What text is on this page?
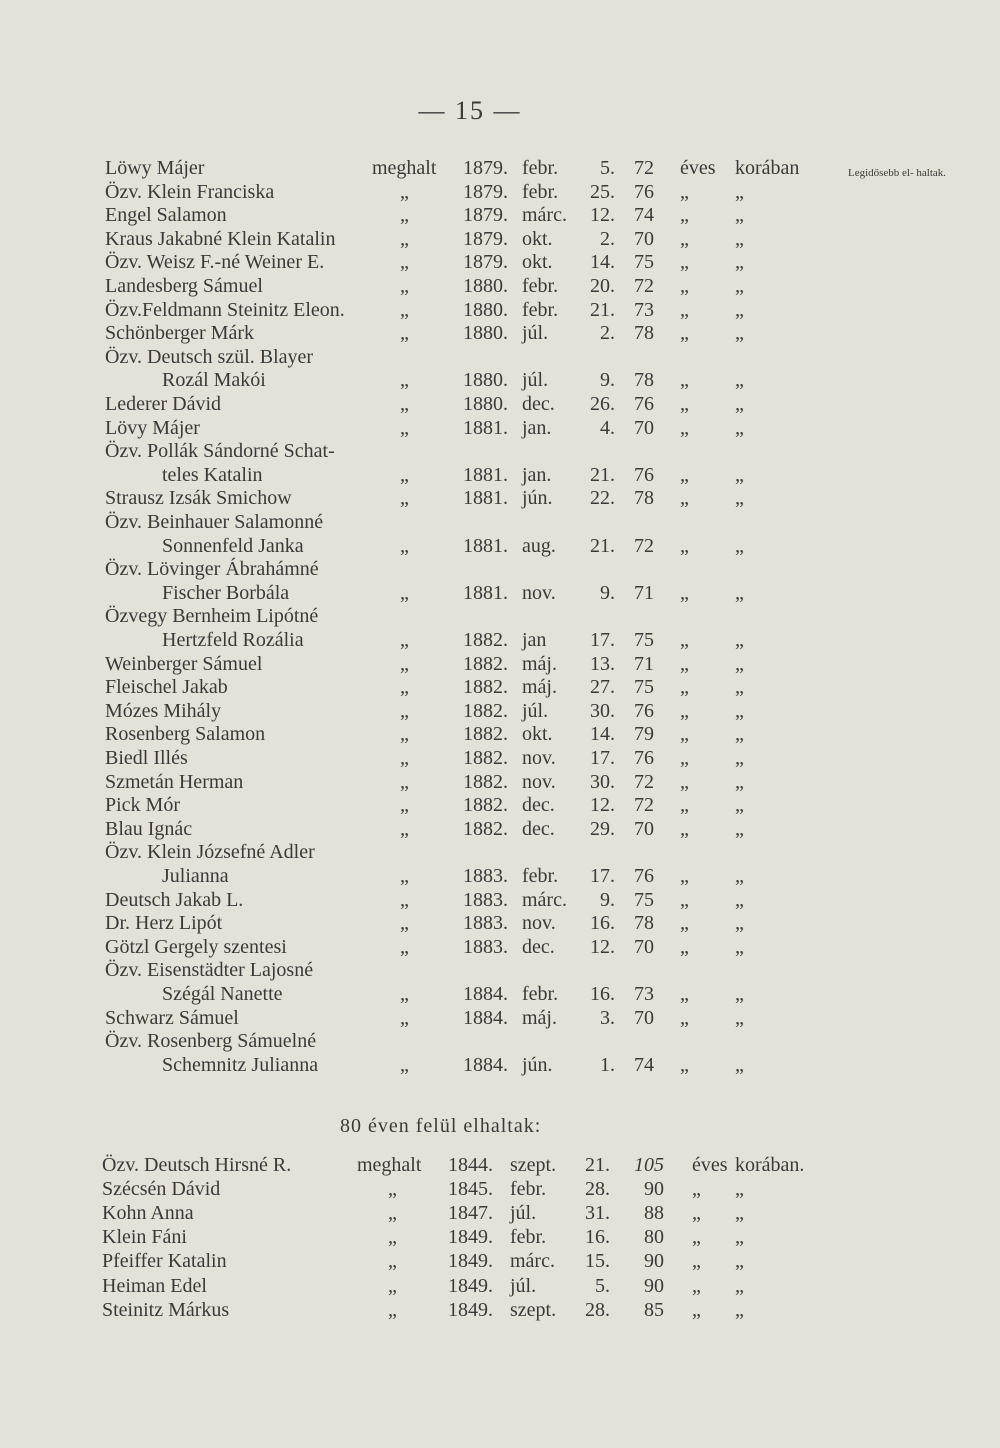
— 15 —
Legidősebb el- haltak.
80 éven felül elhaltak:
Löwy Májer	meghalt 1879. febr.	5. 72 éves korában
Özv. Klein Franciska	„	1879. febr.	25. 76 „ „
Engel Salamon	„	1879. márc.	12. 74 „ „
Kraus Jakabné Klein Katalin	„	1879. okt.	2. 70 „ „
Özv. Weisz F.-né Weiner E.	„	1879. okt.	14. 75 „ „
Landesberg Sámuel	„	1880. febr.	20. 72 „ „
Özv.Feldmann Steinitz Eleon.	„	1880. febr.	21. 73 „ „
Schönberger Márk	„	1880. júl.	2. 78 „ „
Özv. Deutsch szül. Blayer
Rozál Makói	„	1880. júl.	9. 78 „ „
Lederer Dávid	„	1880. dec.	26. 76 „ „
Lövy Májer	„	1881. jan.	4. 70 „ „
Özv. Pollák Sándorné Schat-
teles Katalin	„	1881. jan.	21. 76 „ „
Strausz Izsák Smichow	„	1881. jún.	22. 78 „ „
Özv. Beinhauer Salamonné
Sonnenfeld Janka	„	1881. aug.	21. 72 „ „
Özv. Lövinger Ábrahámné
Fischer Borbála	„	1881. nov.	9. 71 „ „
Özvegy Bernheim Lipótné
Hertzfeld Rozália	„	1882. jan	17. 75 „ „
Weinberger Sámuel	„	1882. máj.	13. 71 „ „
Fleischel Jakab	„	1882. máj.	27. 75 „ „
Mózes Mihály	„	1882. júl.	30. 76 „ „
Rosenberg Salamon	„	1882. okt.	14. 79 „ „
Biedl Illés	„	1882. nov.	17. 76 „ „
Szmetán Herman	„	1882. nov.	30. 72 „ „
Pick Mór	„	1882. dec.	12. 72 „ „
Blau Ignác	„	1882. dec.	29. 70 „ „
Özv. Klein Józsefné Adler
Julianna	„	1883. febr.	17. 76 „ „
Deutsch Jakab L.	„	1883. márc.	9. 75 „ „
Dr. Herz Lipót	„	1883. nov.	16. 78 „ „
Götzl Gergely szentesi	„	1883. dec.	12. 70 „ „
Özv. Eisenstädter Lajosné
Szégál Nanette	„	1884. febr.	16. 73 „ „
Schwarz Sámuel	„	1884. máj.	3. 70 „ „
Özv. Rosenberg Sámuelné
Schemnitz Julianna	„	1884. jún.	1. 74 „ „
Özv. Deutsch Hirsné R.	meghalt 1844. szept.	21.	105 éves korában.
Szécsén Dávid	„	1845. febr.	28.	90 „ „
Kohn Anna	„	1847. júl.	31.	88 „ „
Klein Fáni	„	1849. febr.	16.	80 „ „
Pfeiffer Katalin	„	1849. márc.	15.	90 „ „
Heiman Edel	„	1849. júl.	5.	90 „ „
Steinitz Márkus	„	1849. szept.	28.	85 „ „
